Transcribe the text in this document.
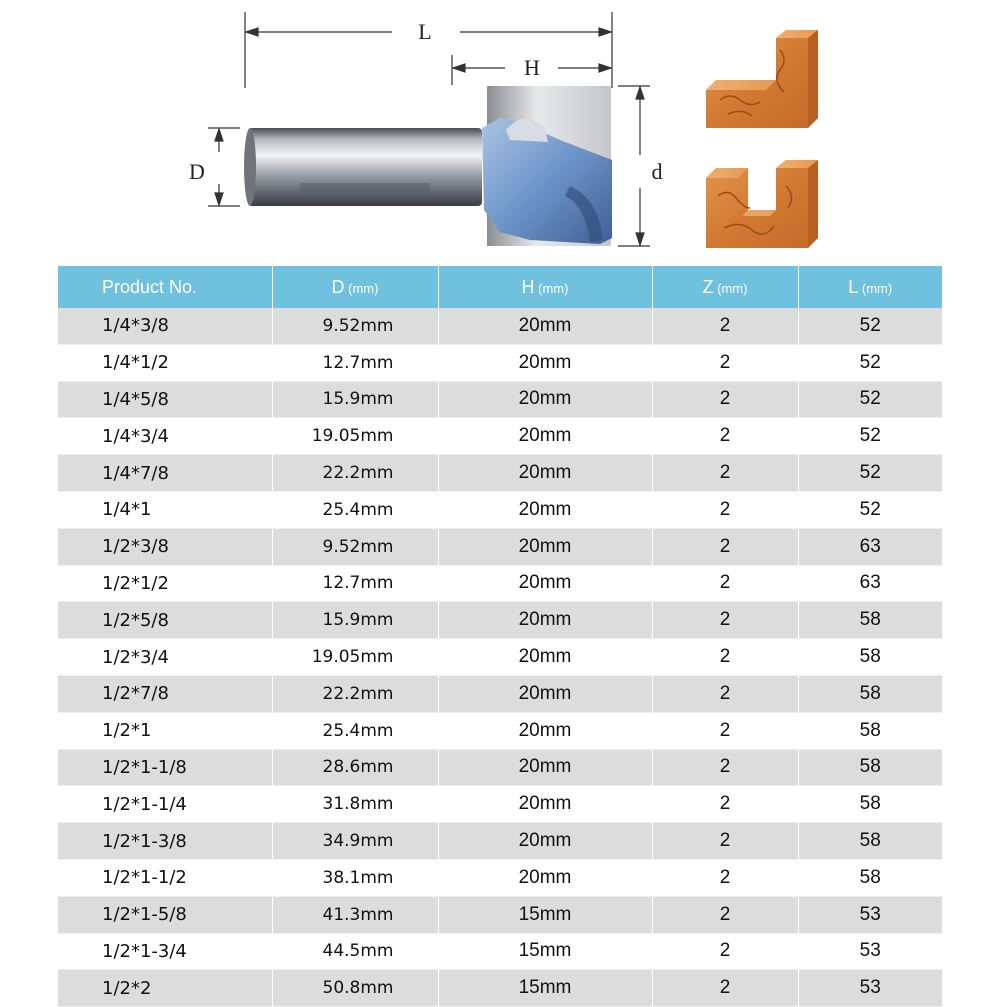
L
H
D	d
Product No.	D (mm)	H (mm)	Z (mm)	L (mm)
1/4*3/8	9.52mm	20mm	2	52
1/4*1/2	12.7mm	20mm	2	52
1/4*5/8	15.9mm	20mm	2	52
1/4*3/4	19.05mm	20mm	2	52
1/4*7/8	22.2mm	20mm	2	52
1/4*1	25.4mm	20mm	2	52
1/2*3/8	9.52mm	20mm	2	63
1/2*1/2	12.7mm	20mm	2	63
1/2*5/8	15.9mm	20mm	2	58
1/2*3/4	19.05mm	20mm	2	58
1/2*7/8	22.2mm	20mm	2	58
1/2*1	25.4mm	20mm	2	58
1/2*1-1/8	28.6mm	20mm	2	58
1/2*1-1/4	31.8mm	20mm	2	58
1/2*1-3/8	34.9mm	20mm	2	58
1/2*1-1/2	38.1mm	20mm	2	58
1/2*1-5/8	41.3mm	15mm	2	53
1/2*1-3/4	44.5mm	15mm	2	53
1/2*2	50.8mm	15mm	2	53
